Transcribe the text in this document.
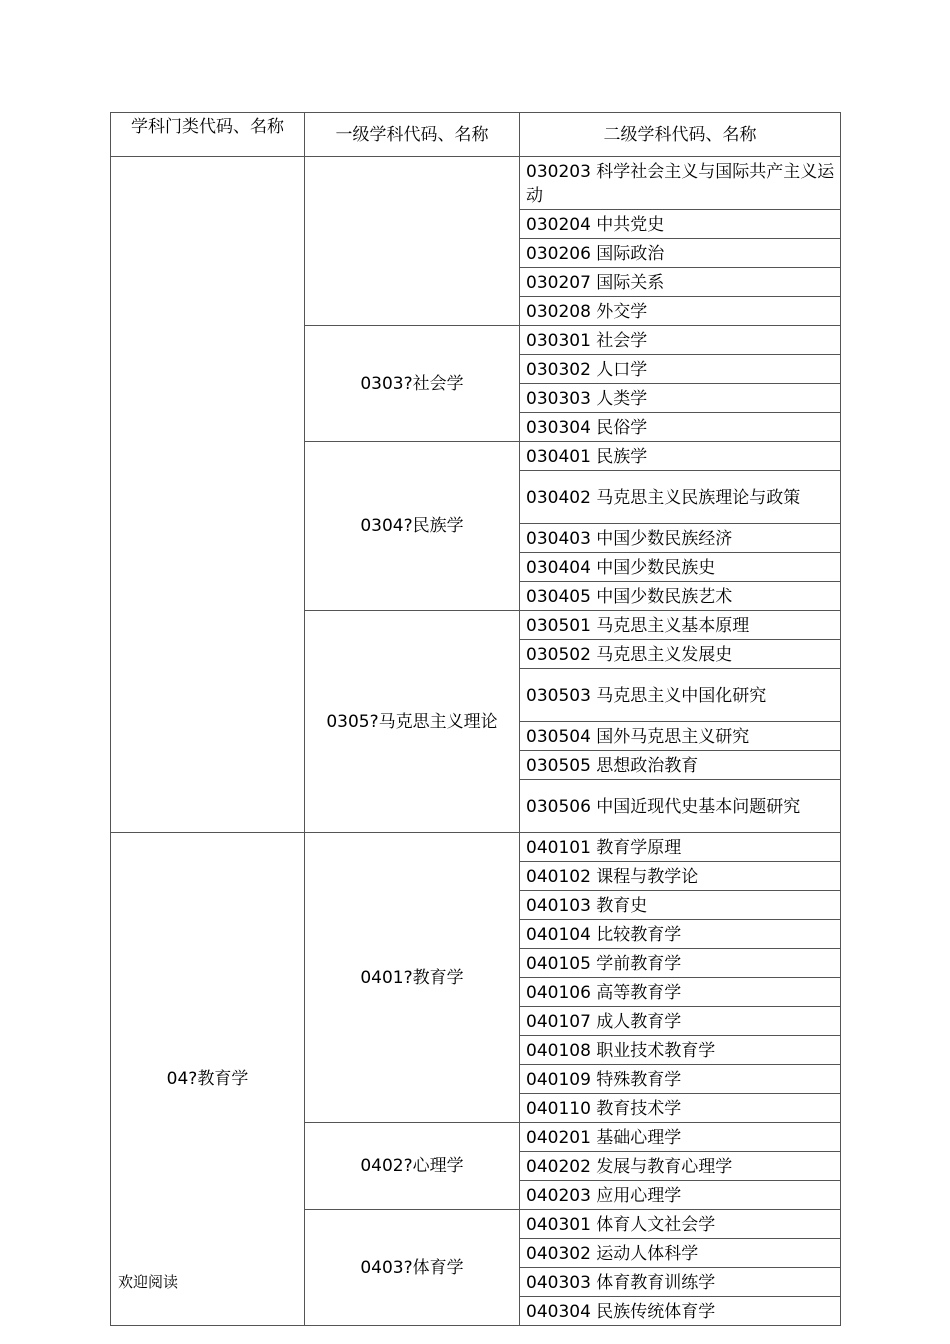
学科门类代码、名称	一级学科代码、名称	二级学科代码、名称
		030203 科学社会主义与国际共产主义运动
		030204 中共党史
		030206 国际政治
		030207 国际关系
		030208 外交学
	0303?社会学	030301 社会学
		030302 人口学
		030303 人类学
		030304 民俗学
	0304?民族学	030401 民族学
		030402 马克思主义民族理论与政策
		030403 中国少数民族经济
		030404 中国少数民族史
		030405 中国少数民族艺术
	0305?马克思主义理论	030501 马克思主义基本原理
		030502 马克思主义发展史
		030503 马克思主义中国化研究
		030504 国外马克思主义研究
		030505 思想政治教育
		030506 中国近现代史基本问题研究
04?教育学	0401?教育学	040101 教育学原理
		040102 课程与教学论
		040103 教育史
		040104 比较教育学
		040105 学前教育学
		040106 高等教育学
		040107 成人教育学
		040108 职业技术教育学
		040109 特殊教育学
		040110 教育技术学
	0402?心理学	040201 基础心理学
		040202 发展与教育心理学
		040203 应用心理学
	0403?体育学	040301 体育人文社会学
		040302 运动人体科学
		040303 体育教育训练学
		040304 民族传统体育学
欢迎阅读
